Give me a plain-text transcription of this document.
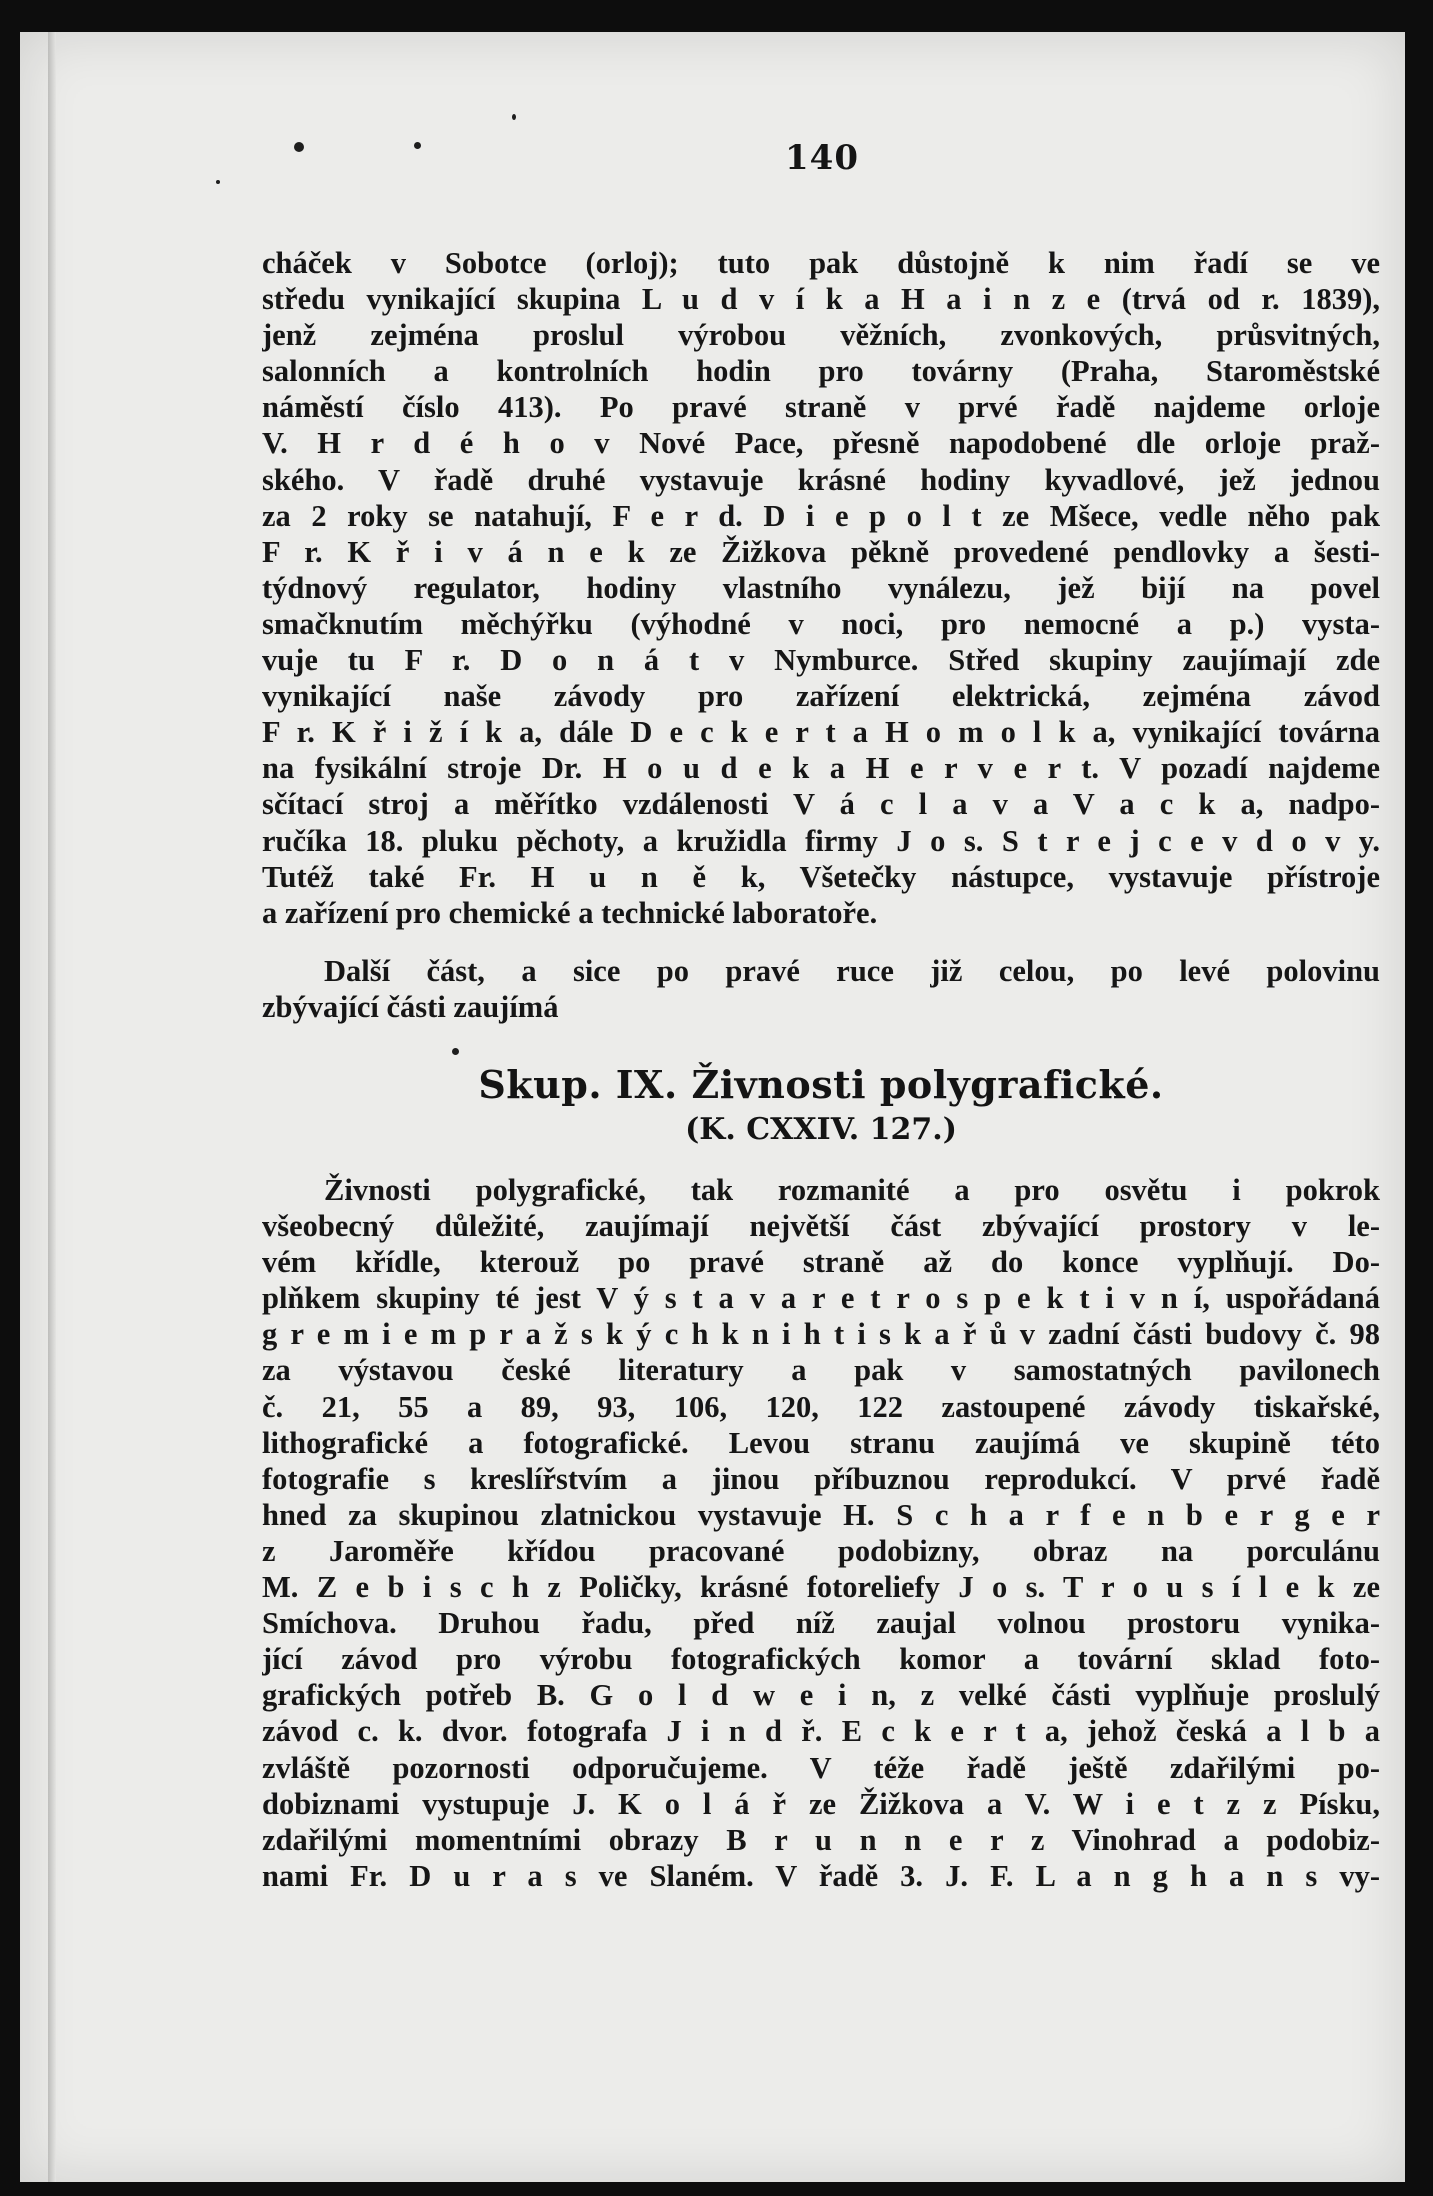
140

cháček v Sobotce (orloj); tuto pak důstojně k nim řadí se ve

středu vynikající skupina L u d v í k a H a i n z e (trvá od r. 1839),

jenž zejména proslul výrobou věžních, zvonkových, průsvitných,

salonních a kontrolních hodin pro továrny (Praha, Staroměstské

náměstí číslo 413). Po pravé straně v prvé řadě najdeme orloje

V. H r d é h o v Nové Pace, přesně napodobené dle orloje praž-

ského. V řadě druhé vystavuje krásné hodiny kyvadlové, jež jednou

za 2 roky se natahují, F e r d. D i e p o l t ze Mšece, vedle něho pak

F r. K ř i v á n e k ze Žižkova pěkně provedené pendlovky a šesti-

týdnový regulator, hodiny vlastního vynálezu, jež bijí na povel

smačknutím měchýřku (výhodné v noci, pro nemocné a p.) vysta-

vuje tu F r. D o n á t v Nymburce. Střed skupiny zaujímají zde

vynikající naše závody pro zařízení elektrická, zejména závod

F r. K ř i ž í k a, dále D e c k e r t a H o m o l k a, vynikající továrna

na fysikální stroje Dr. H o u d e k a H e r v e r t. V pozadí najdeme

sčítací stroj a měřítko vzdálenosti V á c l a v a V a c k a, nadpo-

ručíka 18. pluku pěchoty, a kružidla firmy J o s. S t r e j c e v d o v y.

Tutéž také Fr. H u n ě k, Všetečky nástupce, vystavuje přístroje

a zařízení pro chemické a technické laboratoře.

Další část, a sice po pravé ruce již celou, po levé polovinu

zbývající části zaujímá

Skup. IX. Živnosti polygrafické.
(K. CXXIV. 127.)

Živnosti polygrafické, tak rozmanité a pro osvětu i pokrok

všeobecný důležité, zaujímají největší část zbývající prostory v le-

vém křídle, kterouž po pravé straně až do konce vyplňují. Do-

plňkem skupiny té jest V ý s t a v a r e t r o s p e k t i v n í, uspořádaná

g r e m i e m p r a ž s k ý c h k n i h t i s k a ř ů v zadní části budovy č. 98

za výstavou české literatury a pak v samostatných pavilonech

č. 21, 55 a 89, 93, 106, 120, 122 zastoupené závody tiskařské,

lithografické a fotografické. Levou stranu zaujímá ve skupině této

fotografie s kreslířstvím a jinou příbuznou reprodukcí. V prvé řadě

hned za skupinou zlatnickou vystavuje H. S c h a r f e n b e r g e r

z Jaroměře křídou pracované podobizny, obraz na porculánu

M. Z e b i s c h z Poličky, krásné fotoreliefy J o s. T r o u s í l e k ze

Smíchova. Druhou řadu, před níž zaujal volnou prostoru vynika-

jící závod pro výrobu fotografických komor a tovární sklad foto-

grafických potřeb B. G o l d w e i n, z velké části vyplňuje proslulý

závod c. k. dvor. fotografa J i n d ř. E c k e r t a, jehož česká a l b a

zvláště pozornosti odporučujeme. V téže řadě ještě zdařilými po-

dobiznami vystupuje J. K o l á ř ze Žižkova a V. W i e t z z Písku,

zdařilými momentními obrazy B r u n n e r z Vinohrad a podobiz-

nami Fr. D u r a s ve Slaném. V řadě 3. J. F. L a n g h a n s vy-
